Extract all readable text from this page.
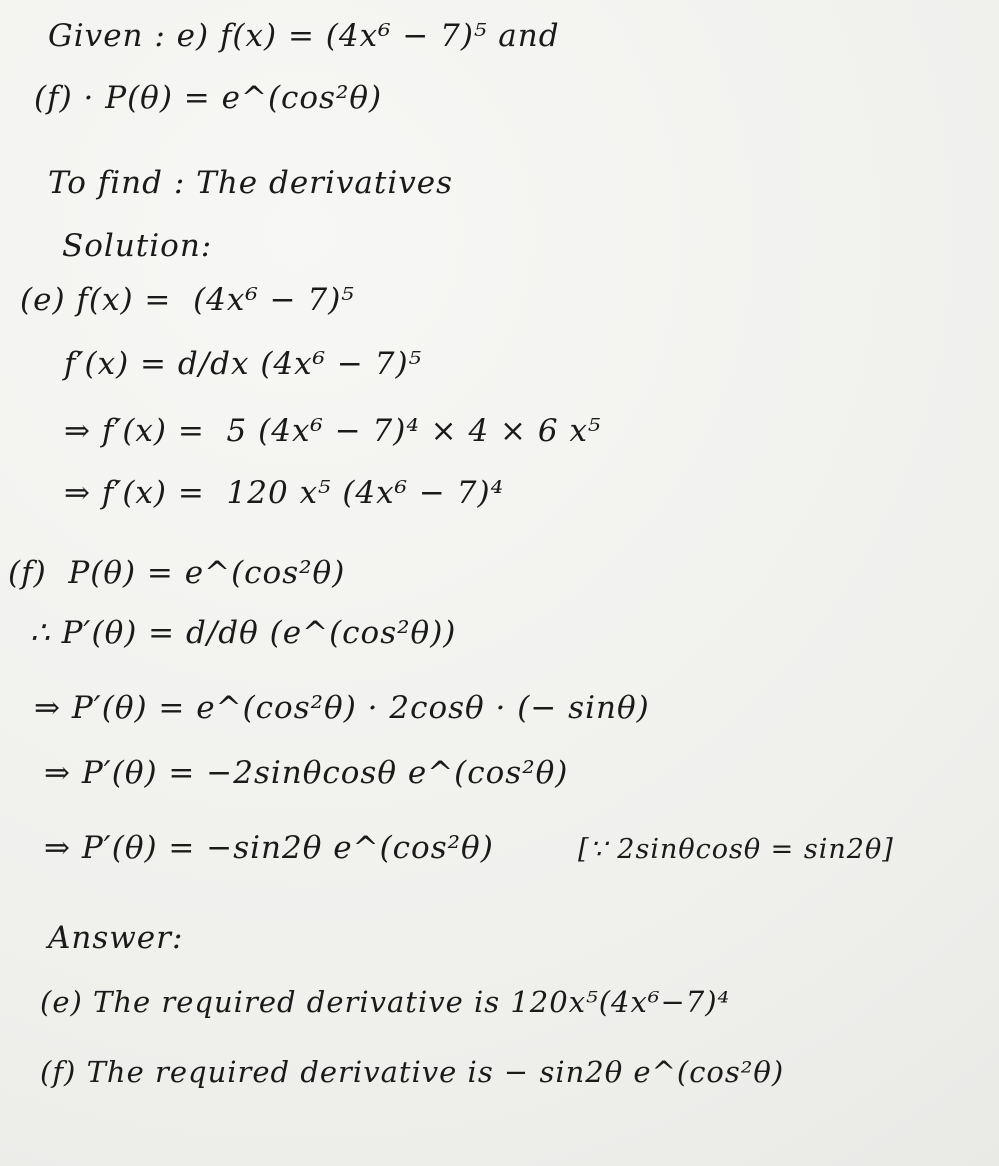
Given : e) f(x) = (4x⁶ − 7)⁵ and
(f) · P(θ) = e^(cos²θ)
To find : The derivatives
Solution:
(e) f(x) =  (4x⁶ − 7)⁵
f′(x) = d/dx (4x⁶ − 7)⁵
⇒ f′(x) =  5 (4x⁶ − 7)⁴ × 4 × 6 x⁵
⇒ f′(x) =  120 x⁵ (4x⁶ − 7)⁴
(f)  P(θ) = e^(cos²θ)
∴ P′(θ) = d/dθ (e^(cos²θ))
⇒ P′(θ) = e^(cos²θ) · 2cosθ · (− sinθ)
⇒ P′(θ) = −2sinθcosθ e^(cos²θ)
⇒ P′(θ) = −sin2θ e^(cos²θ)	[∵ 2sinθcosθ = sin2θ]
Answer:
(e) The required derivative is 120x⁵(4x⁶−7)⁴
(f) The required derivative is − sin2θ e^(cos²θ)
